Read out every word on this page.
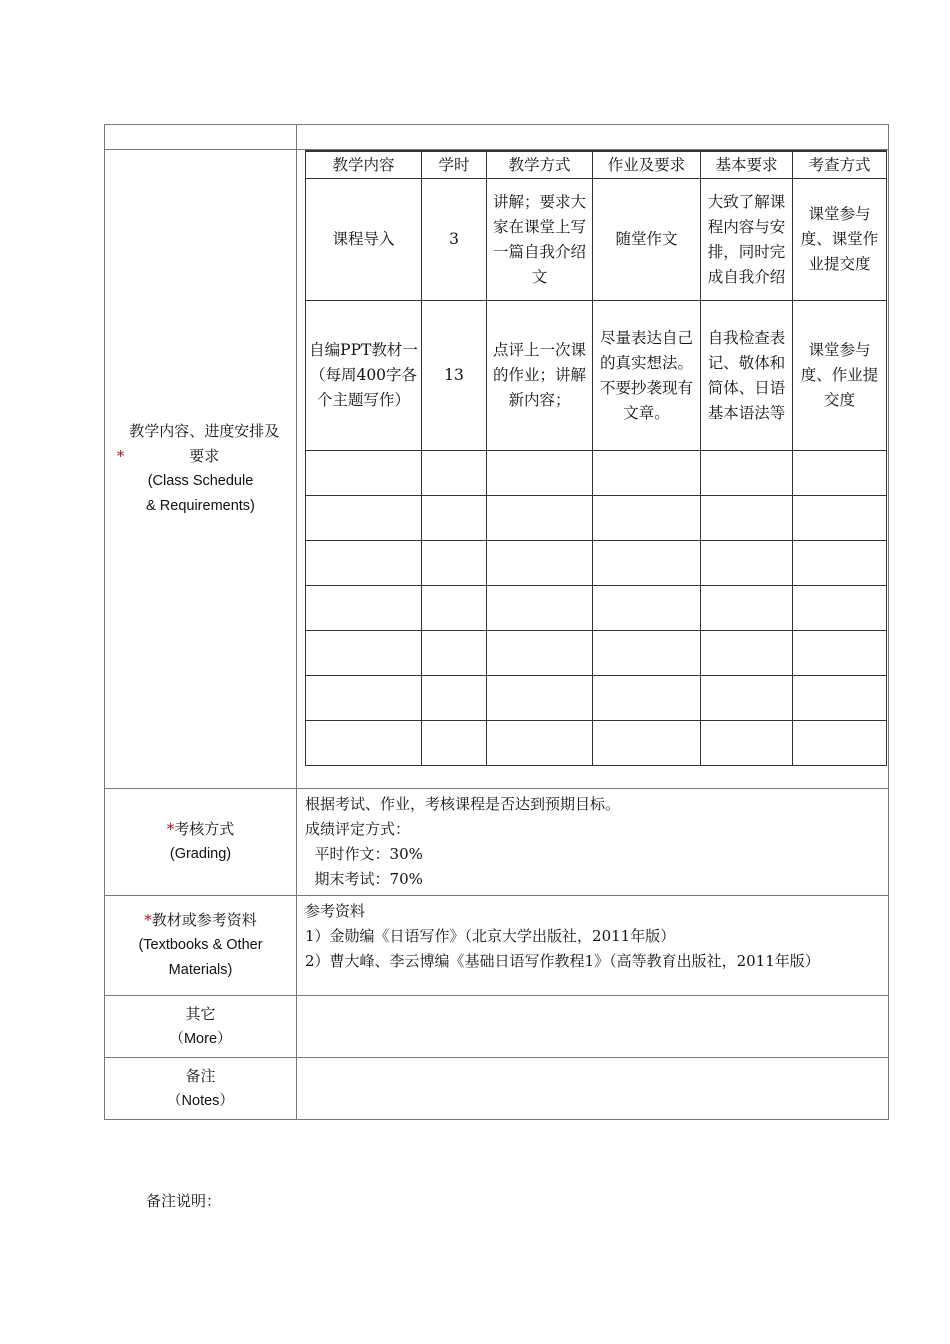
*教学内容、进度安排及要求
(Class Schedule
& Requirements)

教学内容	学时	教学方式	作业及要求	基本要求	考查方式
课程导入	3	讲解；要求大家在课堂上写一篇自我介绍文	随堂作文	大致了解课程内容与安排，同时完成自我介绍	课堂参与度、课堂作业提交度
自编PPT教材一
（每周400字各个主题写作）	13	点评上一次课的作业；讲解新内容；	尽量表达自己的真实想法。不要抄袭现有文章。	自我检查表记、敬体和简体、日语基本语法等	课堂参与度、作业提交度

*考核方式
(Grading)

根据考试、作业，考核课程是否达到预期目标。
成绩评定方式：
平时作文：30%
期末考试：70%

*教材或参考资料
(Textbooks & Other
Materials)

参考资料
1）金勋编《日语写作》（北京大学出版社，2011年版）
2）曹大峰、李云博编《基础日语写作教程1》（高等教育出版社，2011年版）

其它
（More）

备注
（Notes）

备注说明：
